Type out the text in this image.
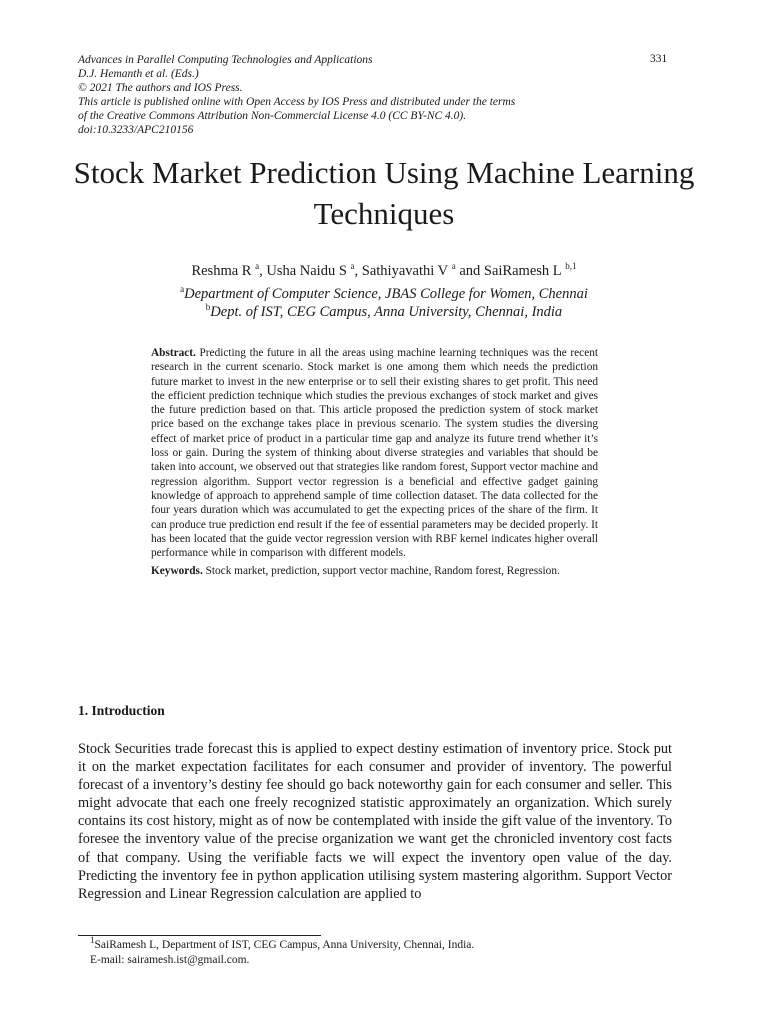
Advances in Parallel Computing Technologies and Applications
D.J. Hemanth et al. (Eds.)
© 2021 The authors and IOS Press.
This article is published online with Open Access by IOS Press and distributed under the terms
of the Creative Commons Attribution Non-Commercial License 4.0 (CC BY-NC 4.0).
doi:10.3233/APC210156
331
Stock Market Prediction Using Machine Learning Techniques
Reshma R $^a$, Usha Naidu S $^a$, Sathiyavathi V $^a$ and SaiRamesh L $^{b,1}$
$^a$Department of Computer Science, JBAS College for Women, Chennai
$^b$Dept. of IST, CEG Campus, Anna University, Chennai, India

Abstract. Predicting the future in all the areas using machine learning techniques was the recent research in the current scenario. Stock market is one among them which needs the prediction future market to invest in the new enterprise or to sell their existing shares to get profit. This need the efficient prediction technique which studies the previous exchanges of stock market and gives the future prediction based on that. This article proposed the prediction system of stock market price based on the exchange takes place in previous scenario. The system studies the diversing effect of market price of product in a particular time gap and analyze its future trend whether it’s loss or gain. During the system of thinking about diverse strategies and variables that should be taken into account, we observed out that strategies like random forest, Support vector machine and regression algorithm. Support vector regression is a beneficial and effective gadget gaining knowledge of approach to apprehend sample of time collection dataset. The data collected for the four years duration which was accumulated to get the expecting prices of the share of the firm. It can produce true prediction end result if the fee of essential parameters may be decided properly. It has been located that the guide vector regression version with RBF kernel indicates higher overall performance while in comparison with different models.

Keywords. Stock market, prediction, support vector machine, Random forest, Regression.

1. Introduction
Stock Securities trade forecast this is applied to expect destiny estimation of inventory price. Stock put it on the market expectation facilitates for each consumer and provider of inventory. The powerful forecast of a inventory’s destiny fee should go back noteworthy gain for each consumer and seller. This might advocate that each one freely recognized statistic approximately an organization. Which surely contains its cost history, might as of now be contemplated with inside the gift value of the inventory. To foresee the inventory value of the precise organization we want get the chronicled inventory cost facts of that company. Using the verifiable facts we will expect the inventory open value of the day. Predicting the inventory fee in python application utilising system mastering algorithm. Support Vector Regression and Linear Regression calculation are applied to
$^1$SaiRamesh L, Department of IST, CEG Campus, Anna University, Chennai, India.
E-mail: sairamesh.ist@gmail.com.
